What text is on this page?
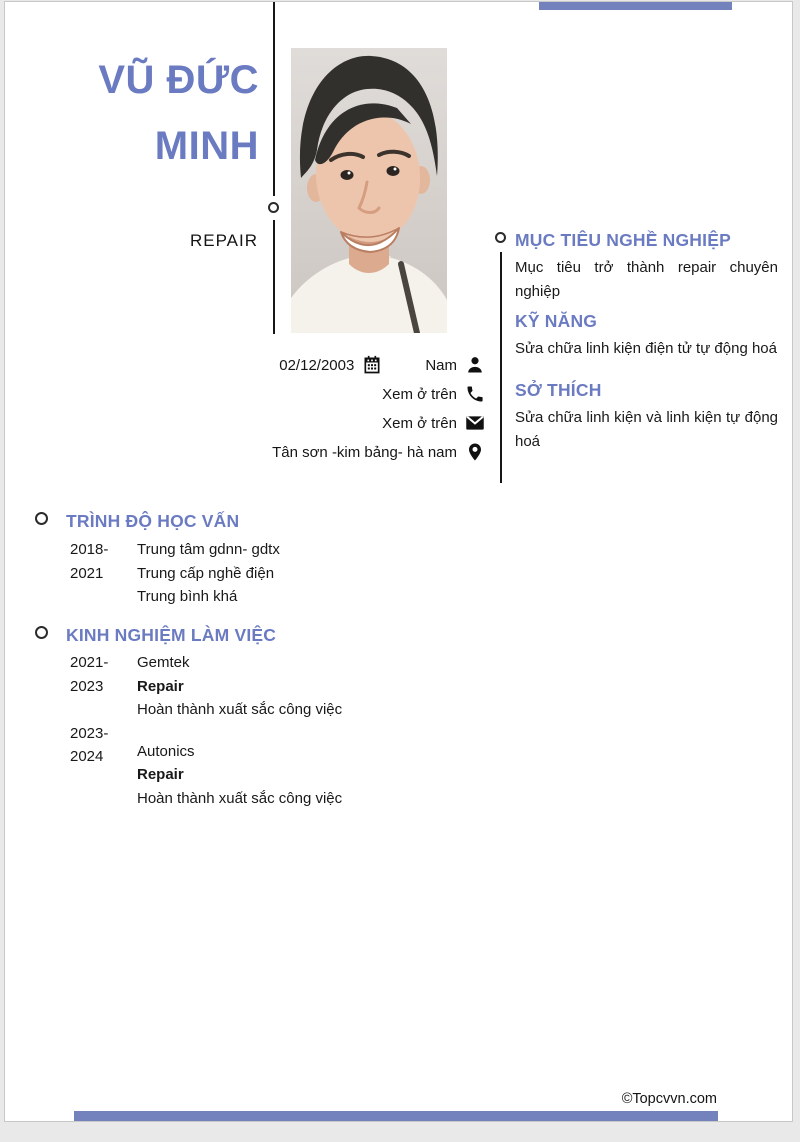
VŨ ĐỨC
MINH
REPAIR
02/12/2003	Nam
Xem ở trên
Xem ở trên
Tân sơn -kim bảng- hà nam
MỤC TIÊU NGHỀ NGHIỆP

Mục tiêu trở thành repair chuyên nghiệp

KỸ NĂNG

Sửa chữa linh kiện điện tử tự động hoá

SỞ THÍCH

Sửa chữa linh kiện và linh kiện tự động hoá

TRÌNH ĐỘ HỌC VẤN
2018-
2021
Trung tâm gdnn- gdtx
Trung cấp nghề điện
Trung bình khá
KINH NGHIỆM LÀM VIỆC
2021-
2023
Gemtek
Repair
Hoàn thành xuất sắc công việc
2023-
2024	Autonics
Repair
Hoàn thành xuất sắc công việc
©Topcvvn.com
